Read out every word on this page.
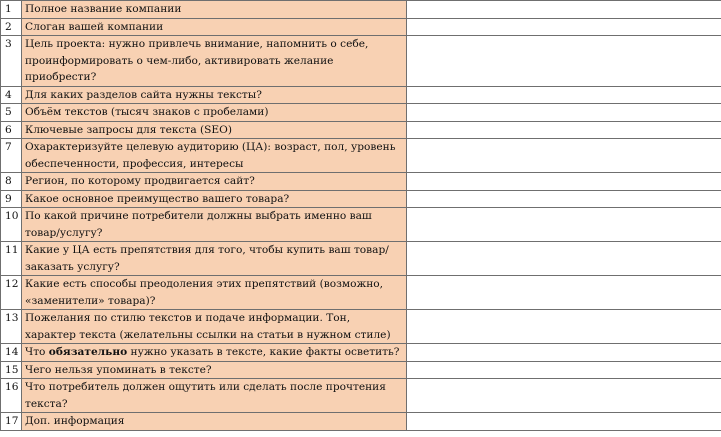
1	Полное название компании	
2	Слоган вашей компании	
3	Цель проекта: нужно привлечь внимание, напомнить о себе, проинформировать о чем-либо, активировать желание приобрести?	
4	Для каких разделов сайта нужны тексты?	
5	Объём текстов (тысяч знаков с пробелами)	
6	Ключевые запросы для текста (SEO)	
7	Охарактеризуйте целевую аудиторию (ЦА): возраст, пол, уровень обеспеченности, профессия, интересы	
8	Регион, по которому продвигается сайт?	
9	Какое основное преимущество вашего товара?	
10	По какой причине потребители должны выбрать именно ваш товар/услугу?	
11	Какие у ЦА есть препятствия для того, чтобы купить ваш товар/заказать услугу?	
12	Какие есть способы преодоления этих препятствий (возможно, «заменители» товара)?	
13	Пожелания по стилю текстов и подаче информации. Тон, характер текста (желательны ссылки на статьи в нужном стиле)	
14	Что обязательно нужно указать в тексте, какие факты осветить?	
15	Чего нельзя упоминать в тексте?	
16	Что потребитель должен ощутить или сделать после прочтения текста?	
17	Доп. информация	
